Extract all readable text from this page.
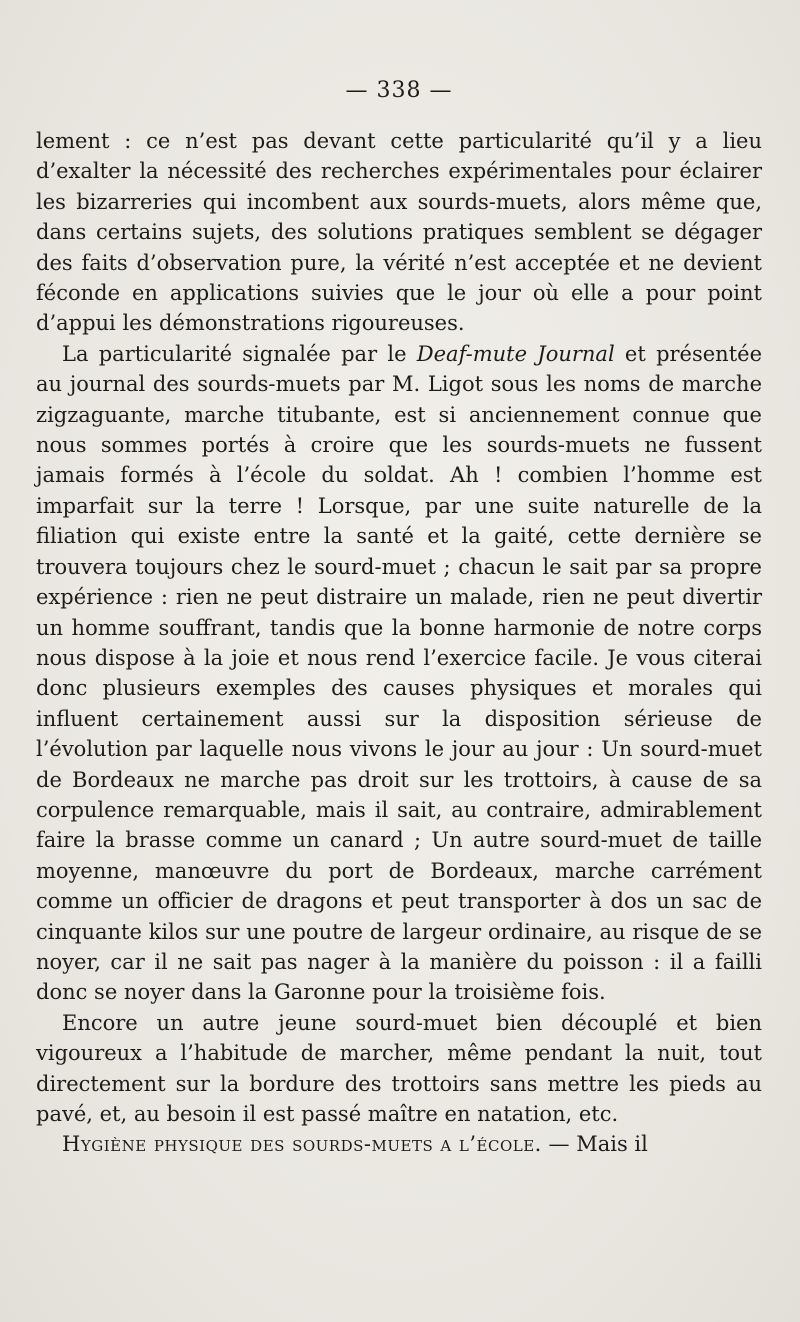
— 338 —

lement : ce n’est pas devant cette particularité qu’il y a lieu d’exalter la nécessité des recherches expérimentales pour éclairer les bizarreries qui incombent aux sourds-muets, alors même que, dans certains sujets, des solutions pratiques semblent se dégager des faits d’observation pure, la vérité n’est acceptée et ne devient féconde en applications suivies que le jour où elle a pour point d’appui les démonstrations rigoureuses.

La particularité signalée par le Deaf-mute Journal et présentée au journal des sourds-muets par M. Ligot sous les noms de marche zigzaguante, marche titubante, est si anciennement connue que nous sommes portés à croire que les sourds-muets ne fussent jamais formés à l’école du soldat. Ah ! combien l’homme est imparfait sur la terre ! Lorsque, par une suite naturelle de la filiation qui existe entre la santé et la gaité, cette dernière se trouvera toujours chez le sourd-muet ; chacun le sait par sa propre expérience : rien ne peut distraire un malade, rien ne peut divertir un homme souffrant, tandis que la bonne harmonie de notre corps nous dispose à la joie et nous rend l’exercice facile. Je vous citerai donc plusieurs exemples des causes physiques et morales qui influent certainement aussi sur la disposition sérieuse de l’évolution par laquelle nous vivons le jour au jour : Un sourd-muet de Bordeaux ne marche pas droit sur les trottoirs, à cause de sa corpulence remarquable, mais il sait, au contraire, admirablement faire la brasse comme un canard ; Un autre sourd-muet de taille moyenne, manœuvre du port de Bordeaux, marche carrément comme un officier de dragons et peut transporter à dos un sac de cinquante kilos sur une poutre de largeur ordinaire, au risque de se noyer, car il ne sait pas nager à la manière du poisson : il a failli donc se noyer dans la Garonne pour la troisième fois.

Encore un autre jeune sourd-muet bien découplé et bien vigoureux a l’habitude de marcher, même pendant la nuit, tout directement sur la bordure des trottoirs sans mettre les pieds au pavé, et, au besoin il est passé maître en natation, etc.

Hygiène physique des sourds-muets a l’école. — Mais il
